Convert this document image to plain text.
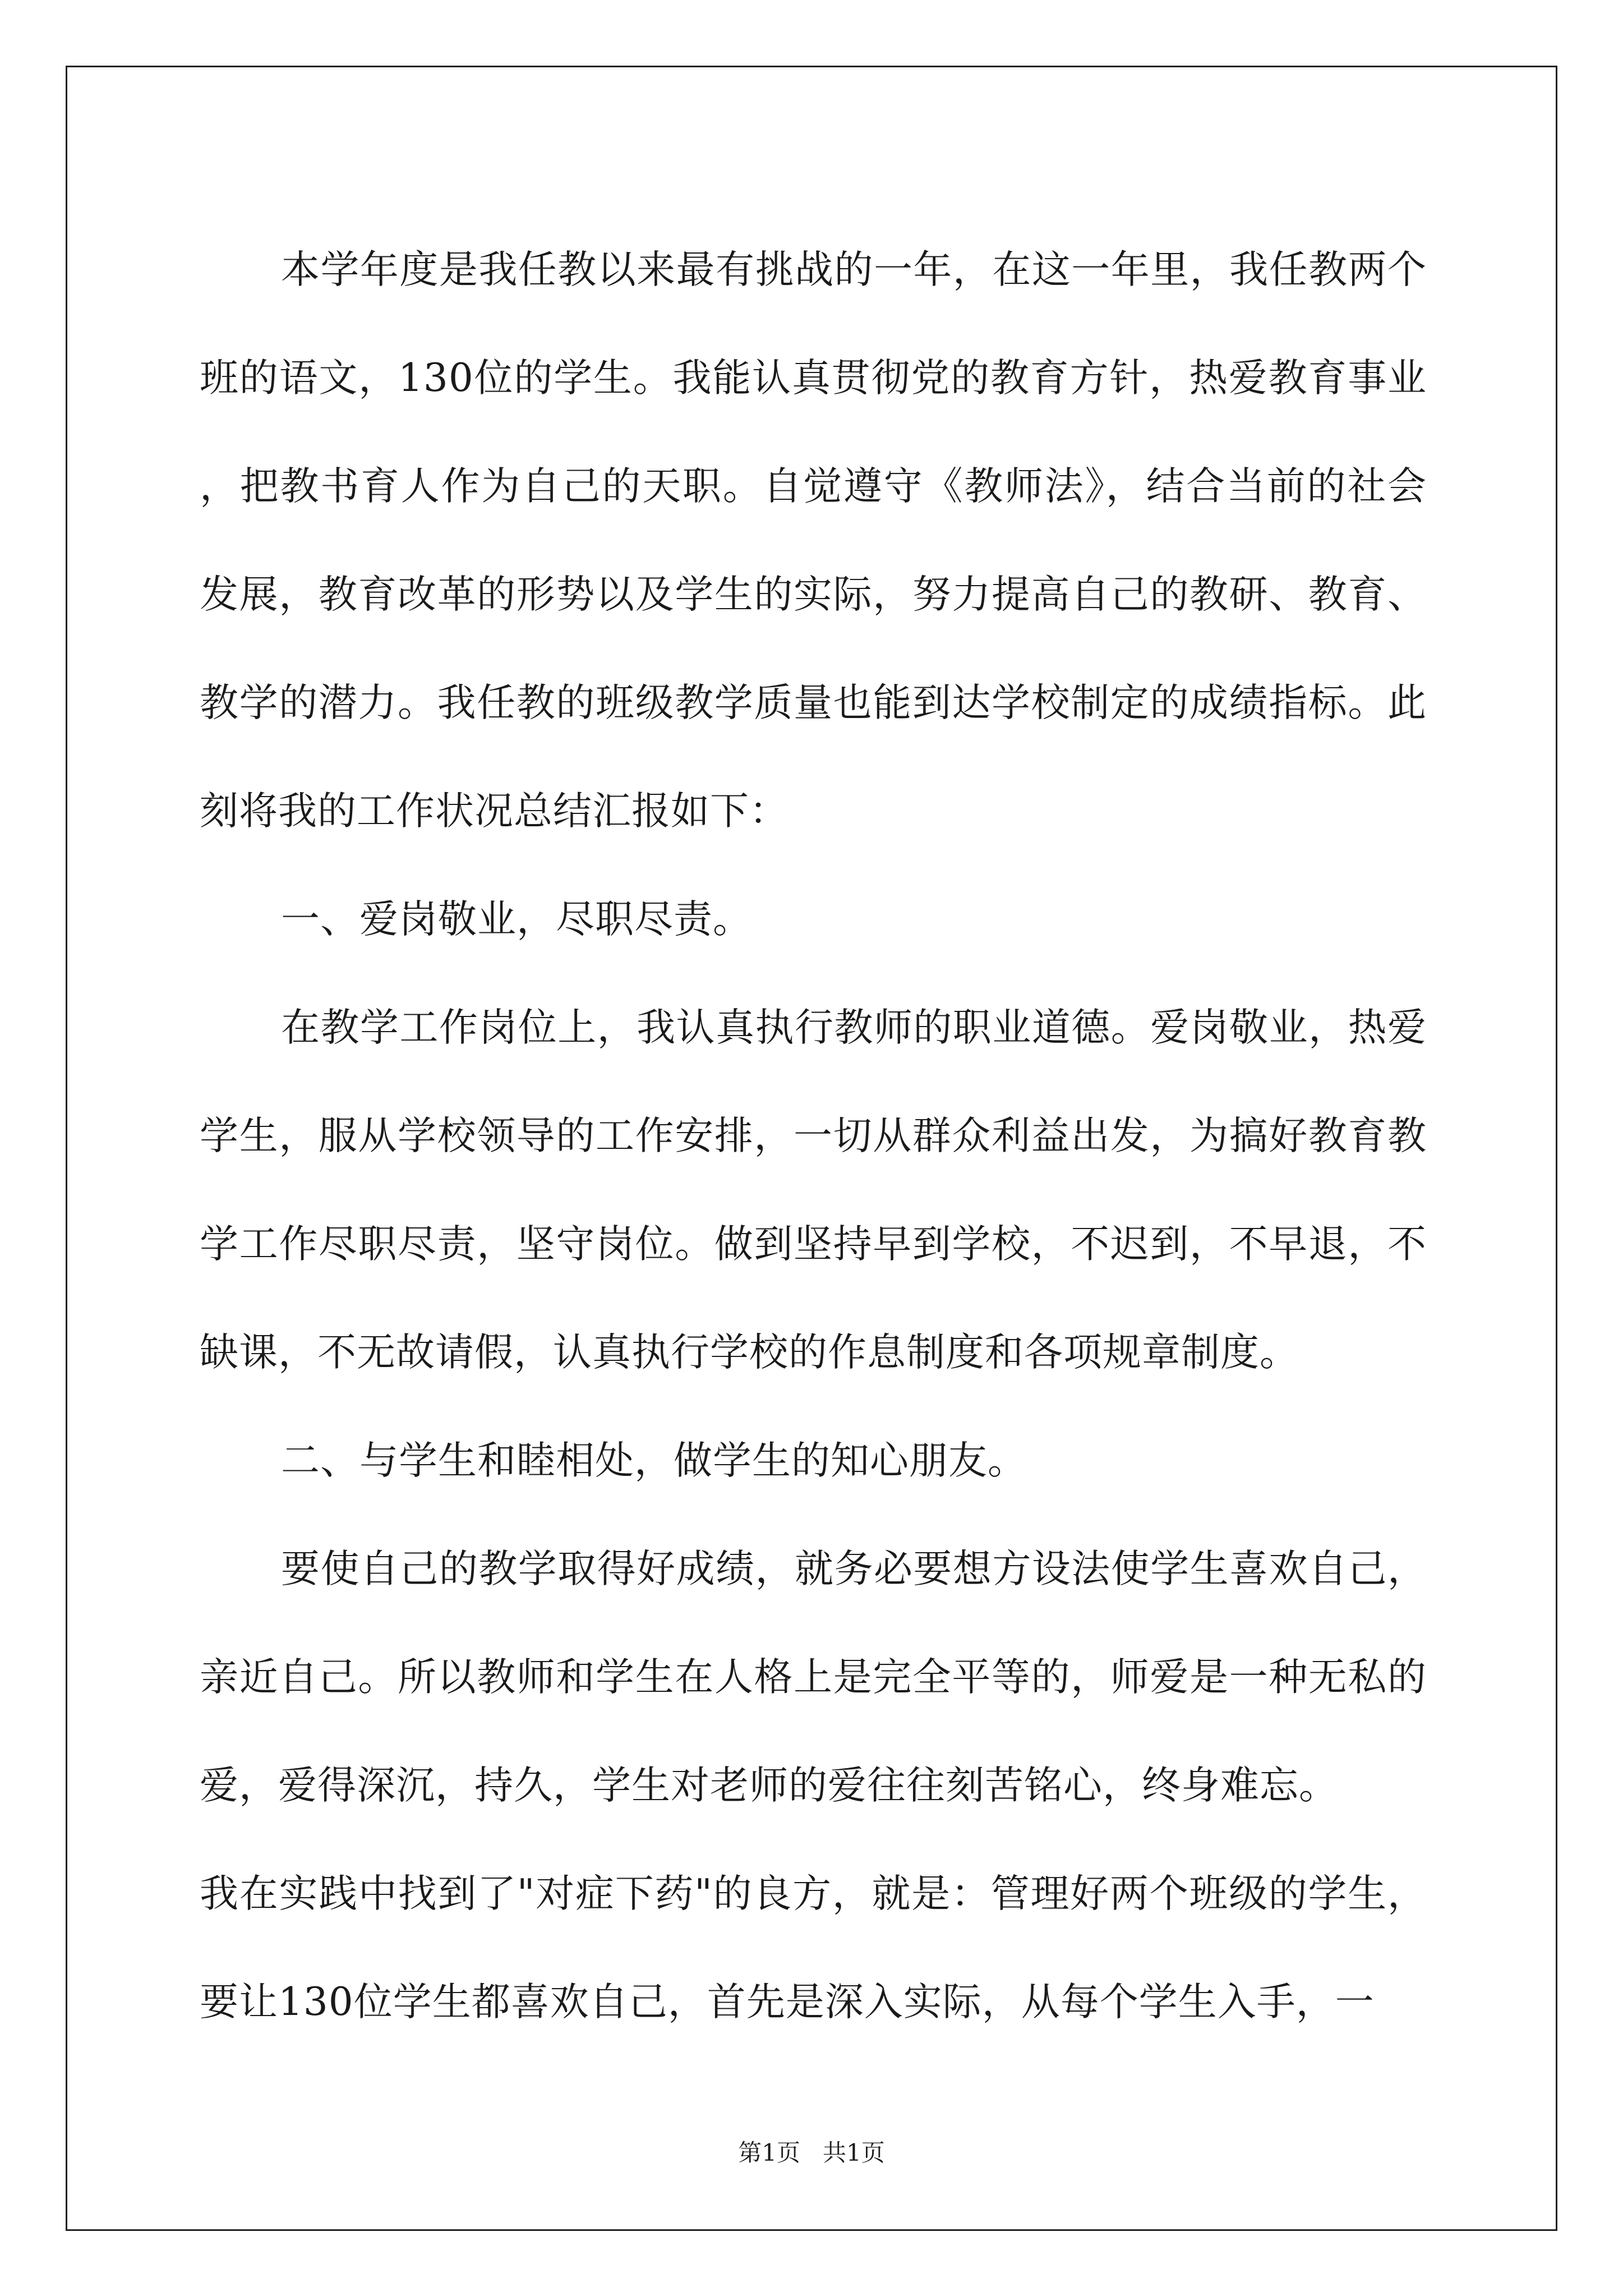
本学年度是我任教以来最有挑战的一年，在这一年里，我任教两个班的语文，130位的学生。我能认真贯彻党的教育方针，热爱教育事业，把教书育人作为自己的天职。自觉遵守《教师法》，结合当前的社会发展，教育改革的形势以及学生的实际，努力提高自己的教研、教育、教学的潜力。我任教的班级教学质量也能到达学校制定的成绩指标。此刻将我的工作状况总结汇报如下：

一、爱岗敬业，尽职尽责。

在教学工作岗位上，我认真执行教师的职业道德。爱岗敬业，热爱学生，服从学校领导的工作安排，一切从群众利益出发，为搞好教育教学工作尽职尽责，坚守岗位。做到坚持早到学校，不迟到，不早退，不缺课，不无故请假，认真执行学校的作息制度和各项规章制度。

二、与学生和睦相处，做学生的知心朋友。

要使自己的教学取得好成绩，就务必要想方设法使学生喜欢自己，亲近自己。所以教师和学生在人格上是完全平等的，师爱是一种无私的爱，爱得深沉，持久，学生对老师的爱往往刻苦铭心，终身难忘。

我在实践中找到了"对症下药"的良方，就是：管理好两个班级的学生，要让130位学生都喜欢自己，首先是深入实际，从每个学生入手，一

第1页 共1页
